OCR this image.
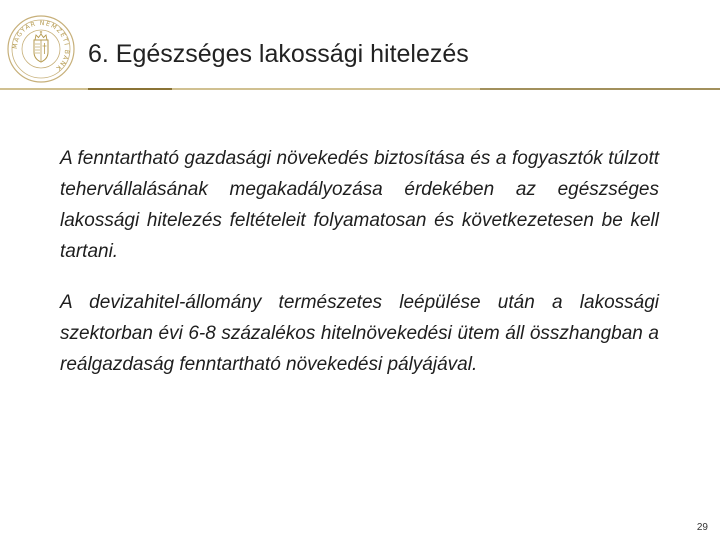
MAGYAR NEMZETI BANK	6. Egészséges lakossági hitelezés

A fenntartható gazdasági növekedés biztosítása és a fogyasztók túlzott tehervállalásának megakadályozása érdekében az egészséges lakossági hitelezés feltételeit folyamatosan és következetesen be kell tartani.

A devizahitel-állomány természetes leépülése után a lakossági szektorban évi 6-8 százalékos hitelnövekedési ütem áll összhangban a reálgazdaság fenntartható növekedési pályájával.

29
